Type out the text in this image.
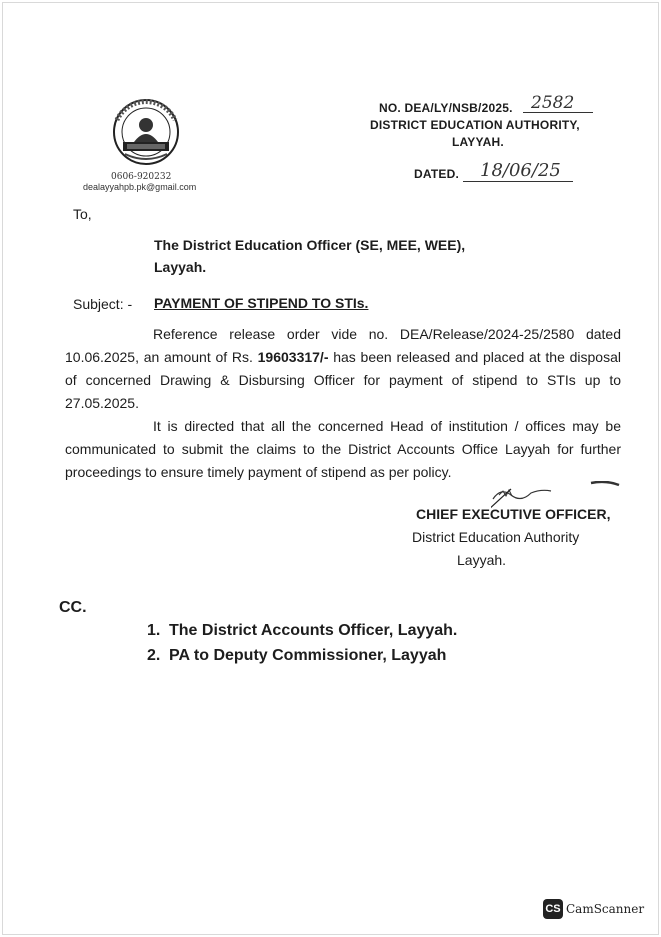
0606-920232
dealayyahpb.pk@gmail.com
NO. DEA/LY/NSB/2025. 2582
DISTRICT EDUCATION AUTHORITY,
LAYYAH.
DATED. 18/06/25
To,
The District Education Officer (SE, MEE, WEE),
Layyah.
Subject: - PAYMENT OF STIPEND TO STIs.
Reference release order vide no. DEA/Release/2024-25/2580 dated 10.06.2025, an amount of Rs. 19603317/- has been released and placed at the disposal of concerned Drawing & Disbursing Officer for payment of stipend to STIs up to 27.05.2025.
It is directed that all the concerned Head of institution / offices may be communicated to submit the claims to the District Accounts Office Layyah for further proceedings to ensure timely payment of stipend as per policy.
CHIEF EXECUTIVE OFFICER,
District Education Authority
Layyah.
CC.
1. The District Accounts Officer, Layyah.
2. PA to Deputy Commissioner, Layyah
CS CamScanner
